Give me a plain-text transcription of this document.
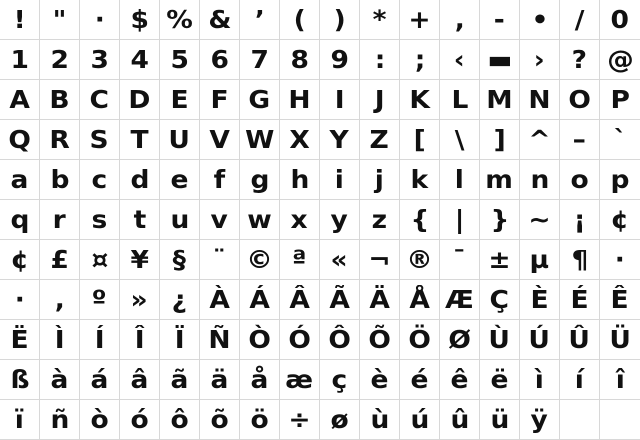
! " · $ % & ’ ( ) * + , - • / 0
1 2 3 4 5 6 7 8 9 : ; ‹ ▬ › ? @
A B C D E F G H I J K L M N O P
Q R S T U V W X Y Z [ \ ] ^ – `
a b c d e f g h i j k l m n o p
q r s t u v w x y z { | } ~ ¡ ¢
¢ £ ¤ ¥ § ¨ © ª « ¬ ® ¯ ± µ ¶ ·
· , º » ¿ À Á Â Ã Ä Å Æ Ç È É Ê
Ë Ì Í Î Ï Ñ Ò Ó Ô Õ Ö Ø Ù Ú Û Ü
ß à á â ã ä å æ ç è é ê ë ì í î
ï ñ ò ó ô õ ö ÷ ø ù ú û ü ÿ
